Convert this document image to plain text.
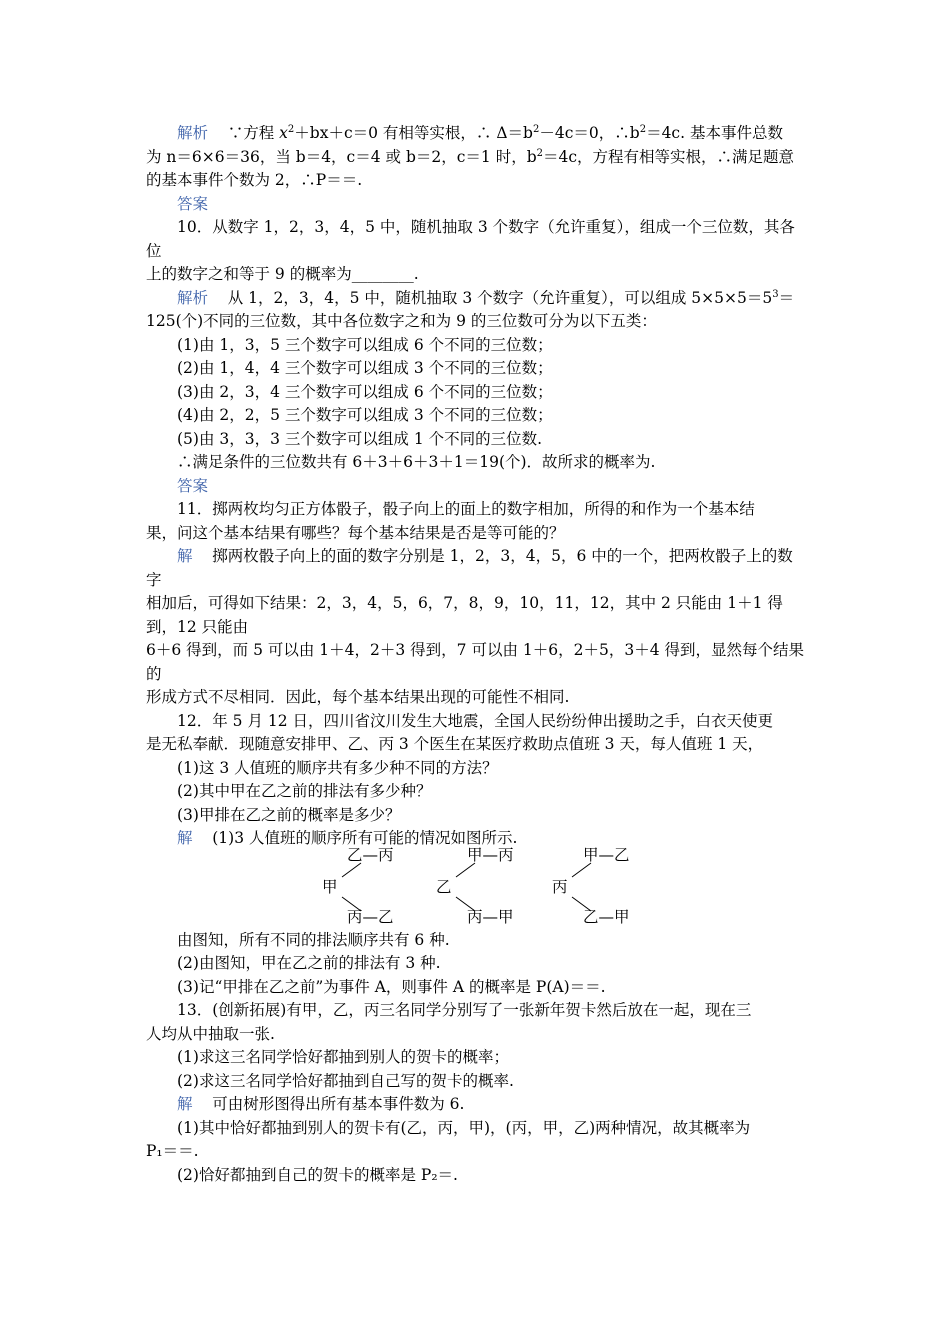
解析 ∵方程 $x^2+bx+c=0$ 有相等实根，∴ $\Delta=b^2-4c=0$，$\therefore b^2=4c$. 基本事件总数

为 n＝6×6＝36，当 b＝4，c＝4 或 b＝2，c＝1 时，$b^2=4c$，方程有相等实根，∴满足题意

的基本事件个数为 2，∴P＝＝.

答案

10．从数字 1，2，3，4，5 中，随机抽取 3 个数字（允许重复），组成一个三位数，其各位

上的数字之和等于 9 的概率为________.

解析 从 1，2，3，4，5 中，随机抽取 3 个数字（允许重复），可以组成 $5\times 5\times 5=5^3=$

125(个)不同的三位数，其中各位数字之和为 9 的三位数可分为以下五类：

(1)由 1，3，5 三个数字可以组成 6 个不同的三位数；

(2)由 1，4，4 三个数字可以组成 3 个不同的三位数；

(3)由 2，3，4 三个数字可以组成 6 个不同的三位数；

(4)由 2，2，5 三个数字可以组成 3 个不同的三位数；

(5)由 3，3，3 三个数字可以组成 1 个不同的三位数.

∴满足条件的三位数共有 6＋3＋6＋3＋1＝19(个)．故所求的概率为.

答案

11．掷两枚均匀正方体骰子，骰子向上的面上的数字相加，所得的和作为一个基本结

果，问这个基本结果有哪些？每个基本结果是否是等可能的？

解 掷两枚骰子向上的面的数字分别是 1，2，3，4，5，6 中的一个，把两枚骰子上的数字

相加后，可得如下结果：2，3，4，5，6，7，8，9，10，11，12，其中 2 只能由 1＋1 得到，12 只能由

6＋6 得到，而 5 可以由 1＋4，2＋3 得到，7 可以由 1＋6，2＋5，3＋4 得到，显然每个结果的

形成方式不尽相同．因此，每个基本结果出现的可能性不相同.

12．年 5 月 12 日，四川省汶川发生大地震，全国人民纷纷伸出援助之手，白衣天使更

是无私奉献．现随意安排甲、乙、丙 3 个医生在某医疗救助点值班 3 天，每人值班 1 天，

(1)这 3 人值班的顺序共有多少种不同的方法？

(2)其中甲在乙之前的排法有多少种？

(3)甲排在乙之前的概率是多少？

解 (1)3 人值班的顺序所有可能的情况如图所示.

甲
乙—丙
丙—乙
乙
甲—丙
丙—甲
丙
甲—乙
乙—甲

由图知，所有不同的排法顺序共有 6 种.

(2)由图知，甲在乙之前的排法有 3 种.

(3)记“甲排在乙之前”为事件 A，则事件 A 的概率是 P(A)＝＝.

13．(创新拓展)有甲，乙，丙三名同学分别写了一张新年贺卡然后放在一起，现在三

人均从中抽取一张.

(1)求这三名同学恰好都抽到别人的贺卡的概率；

(2)求这三名同学恰好都抽到自己写的贺卡的概率.

解 可由树形图得出所有基本事件数为 6.

(1)其中恰好都抽到别人的贺卡有(乙，丙，甲)，(丙，甲，乙)两种情况，故其概率为

P₁＝＝.

(2)恰好都抽到自己的贺卡的概率是 P₂＝.
